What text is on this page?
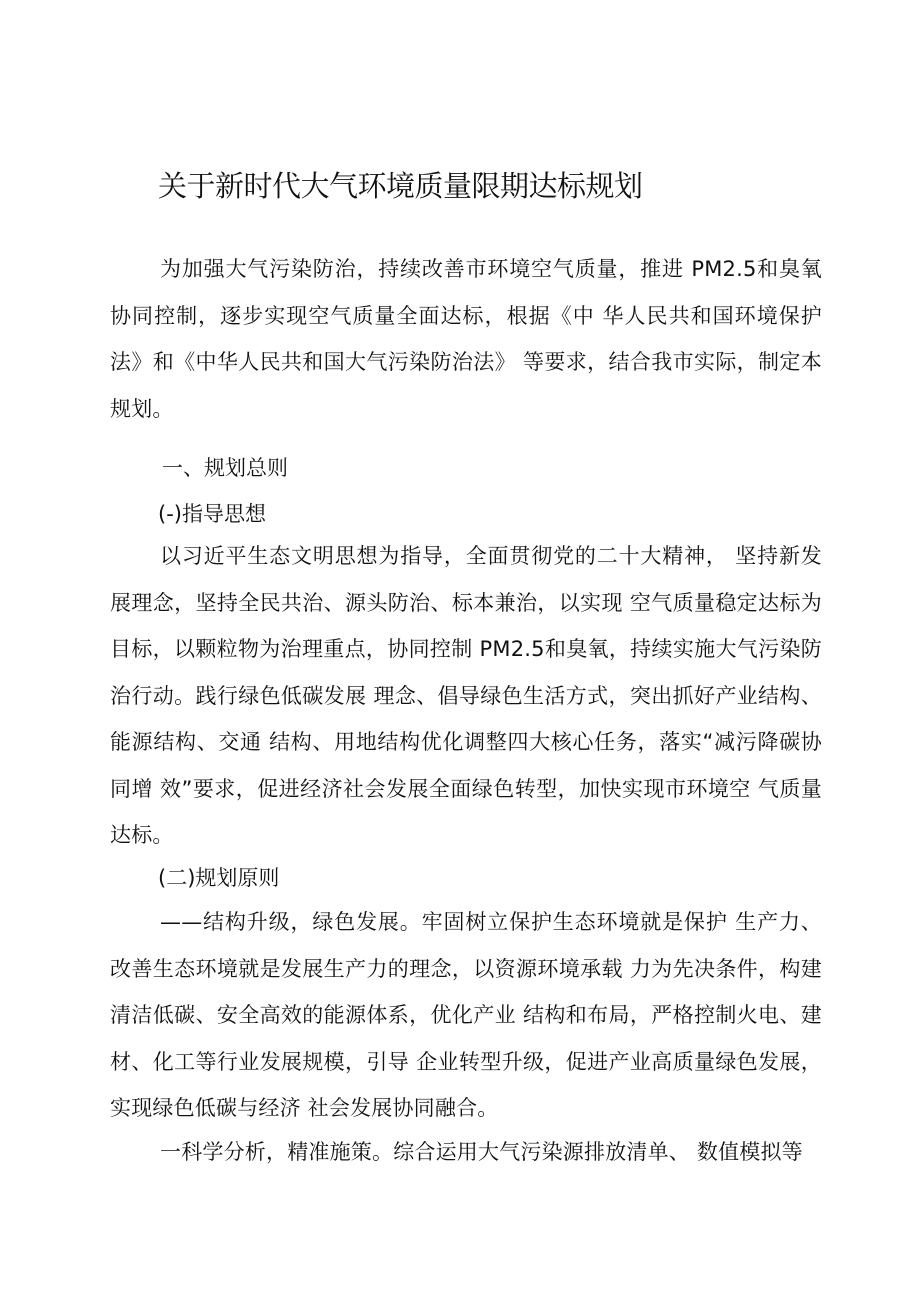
关于新时代大气环境质量限期达标规划

为加强大气污染防治，持续改善市环境空气质量，推进 PM2.5和臭氧协同控制，逐步实现空气质量全面达标，根据《中 华人民共和国环境保护法》和《中华人民共和国大气污染防治法》 等要求，结合我市实际，制定本规划。

一、规划总则
(-)指导思想

以习近平生态文明思想为指导，全面贯彻党的二十大精神， 坚持新发展理念，坚持全民共治、源头防治、标本兼治，以实现 空气质量稳定达标为目标，以颗粒物为治理重点，协同控制 PM2.5和臭氧，持续实施大气污染防治行动。践行绿色低碳发展 理念、倡导绿色生活方式，突出抓好产业结构、能源结构、交通 结构、用地结构优化调整四大核心任务，落实“减污降碳协同增 效”要求，促进经济社会发展全面绿色转型，加快实现市环境空 气质量达标。

(二)规划原则

——结构升级，绿色发展。牢固树立保护生态环境就是保护 生产力、改善生态环境就是发展生产力的理念，以资源环境承载 力为先决条件，构建清洁低碳、安全高效的能源体系，优化产业 结构和布局，严格控制火电、建材、化工等行业发展规模，引导 企业转型升级，促进产业高质量绿色发展，实现绿色低碳与经济 社会发展协同融合。

一科学分析，精准施策。综合运用大气污染源排放清单、 数值模拟等
